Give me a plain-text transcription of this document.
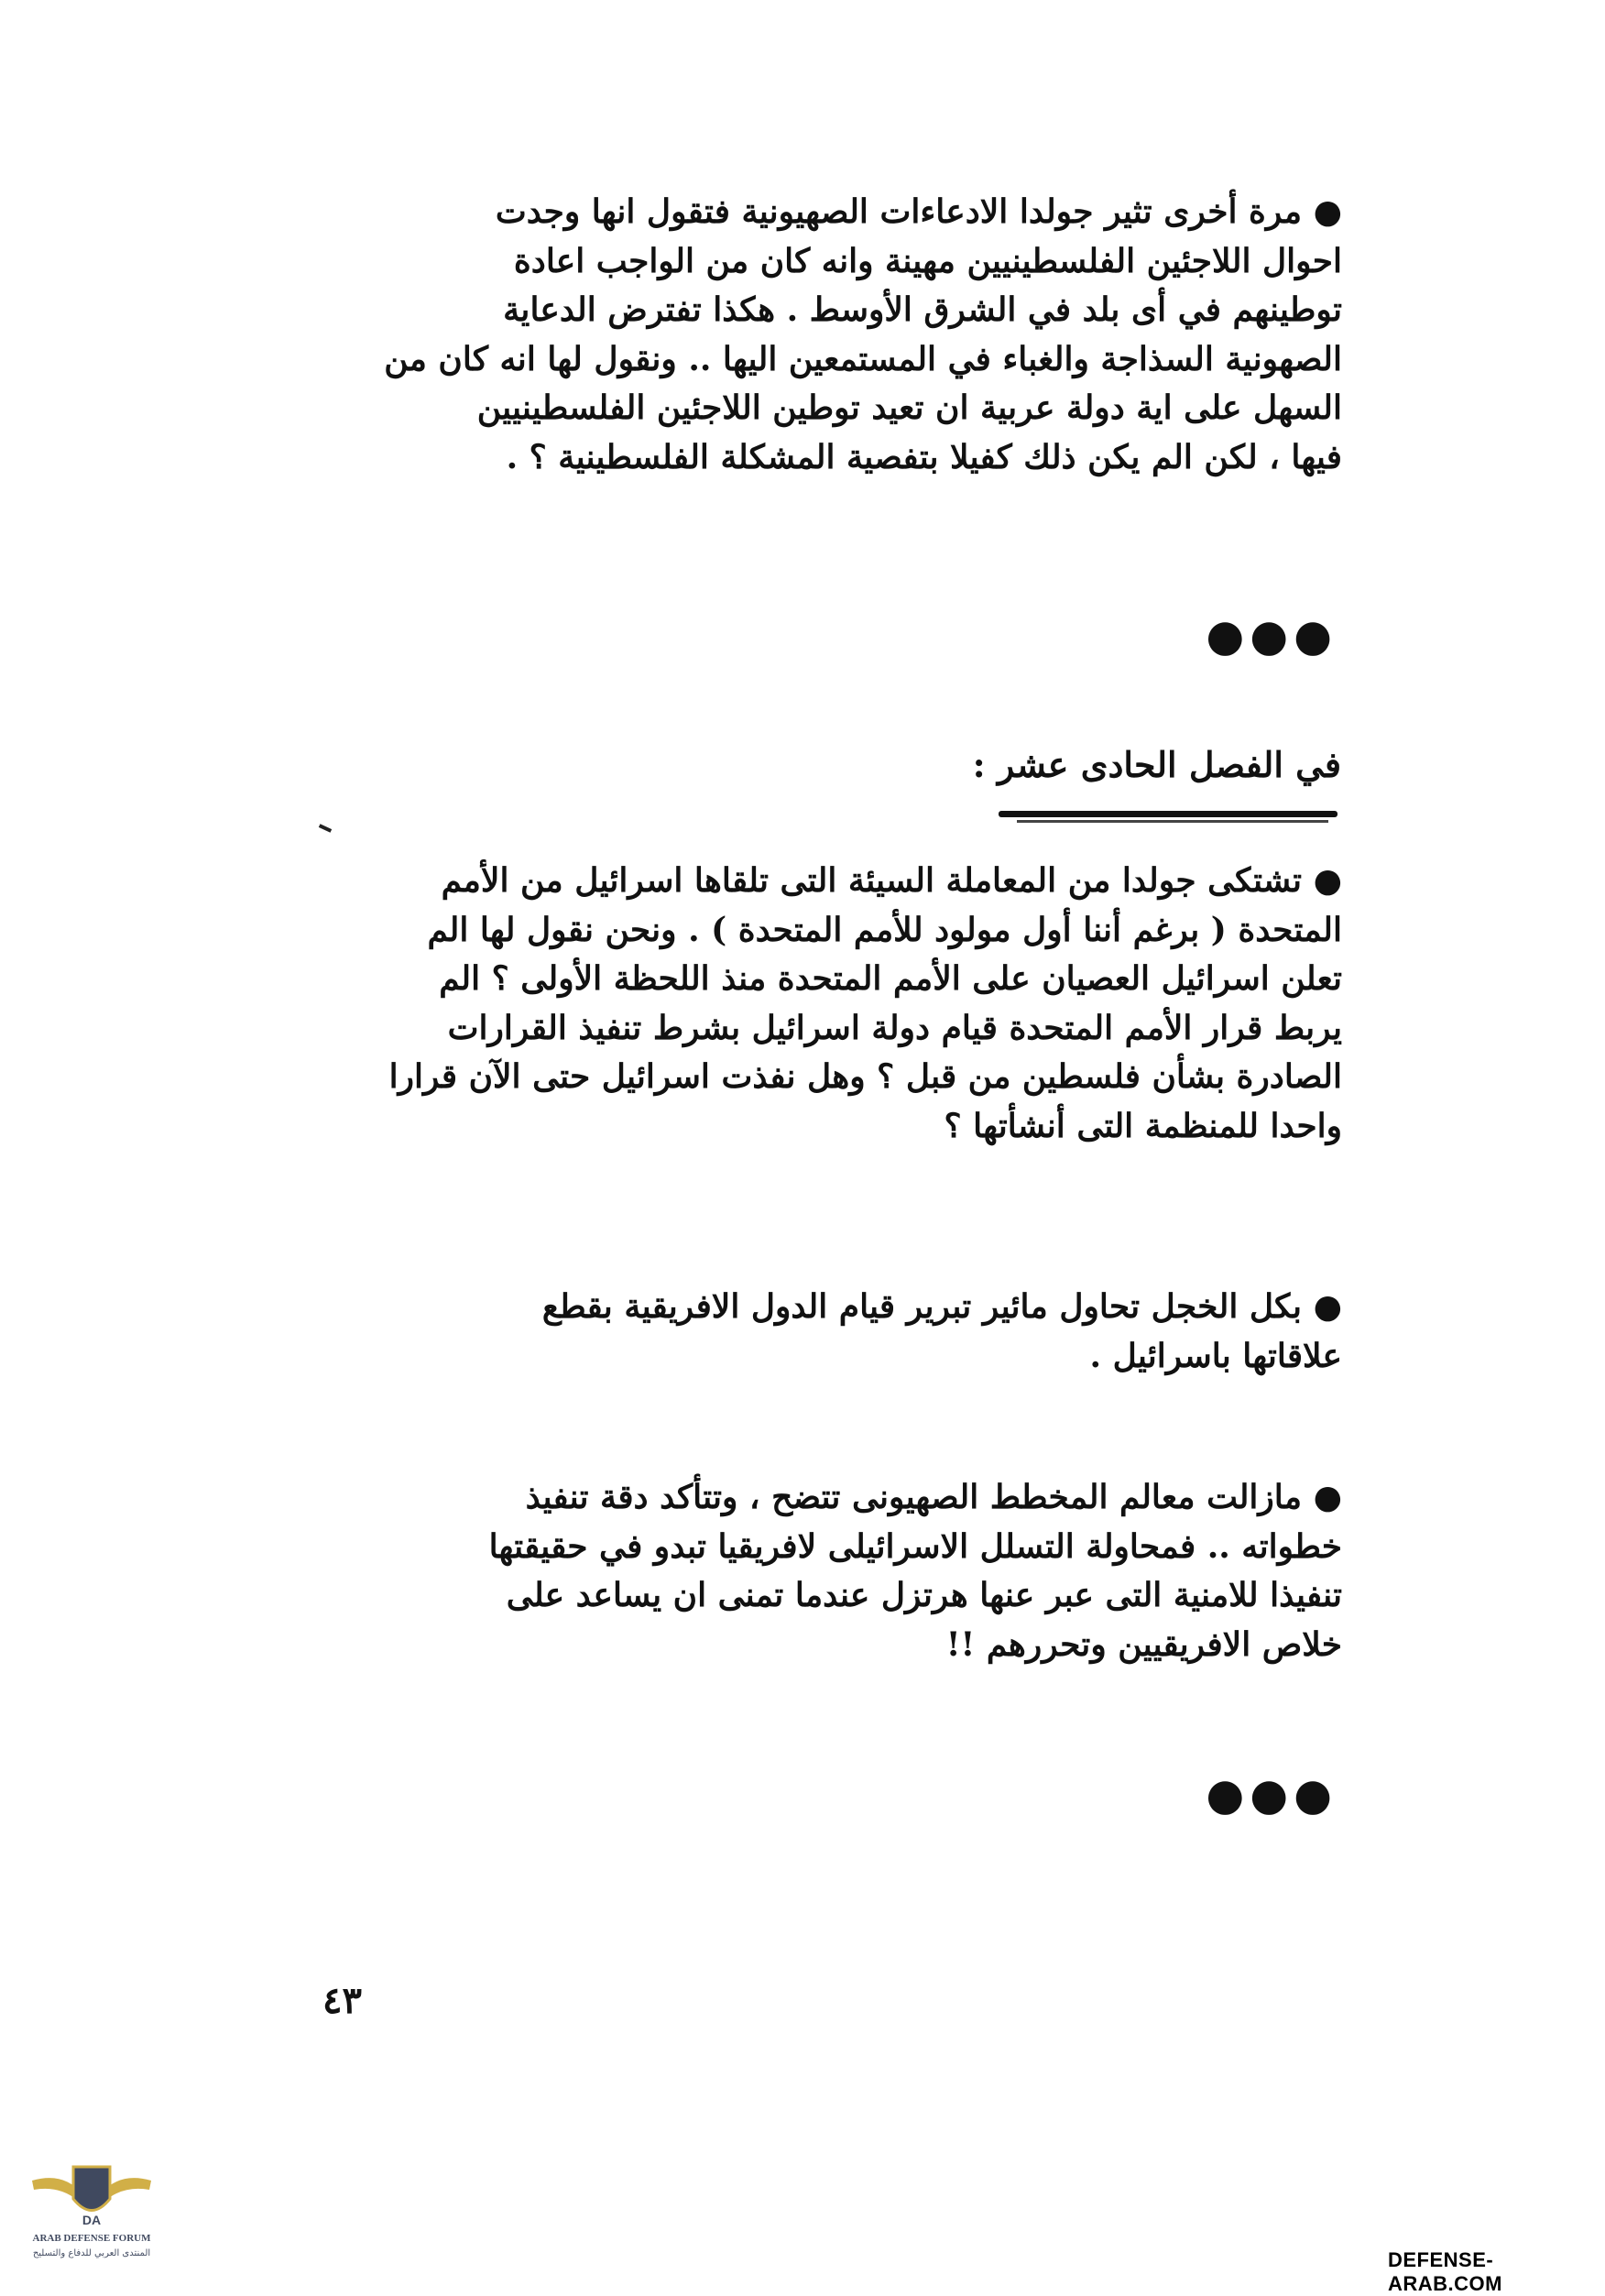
● مرة أخرى تثير جولدا الادعاءات الصهيونية فتقول انها وجدت
احوال اللاجئين الفلسطينيين مهينة وانه كان من الواجب اعادة
توطينهم في أى بلد في الشرق الأوسط . هكذا تفترض الدعاية
الصهونية السذاجة والغباء في المستمعين اليها .. ونقول لها انه كان من
السهل على اية دولة عربية ان تعيد توطين اللاجئين الفلسطينيين
فيها ، لكن الم يكن ذلك كفيلا بتفصية المشكلة الفلسطينية ؟ .
●●●
في الفصل الحادى عشر :
● تشتكى جولدا من المعاملة السيئة التى تلقاها اسرائيل من الأمم
المتحدة ( برغم أننا أول مولود للأمم المتحدة ) . ونحن نقول لها الم
تعلن اسرائيل العصيان على الأمم المتحدة منذ اللحظة الأولى ؟ الم
يربط قرار الأمم المتحدة قيام دولة اسرائيل بشرط تنفيذ القرارات
الصادرة بشأن فلسطين من قبل ؟ وهل نفذت اسرائيل حتى الآن قرارا
واحدا للمنظمة التى أنشأتها ؟
● بكل الخجل تحاول مائير تبرير قيام الدول الافريقية بقطع
علاقاتها باسرائيل .
● مازالت معالم المخطط الصهيونى تتضح ، وتتأكد دقة تنفيذ
خطواته .. فمحاولة التسلل الاسرائيلى لافريقيا تبدو في حقيقتها
تنفيذا للامنية التى عبر عنها هرتزل عندما تمنى ان يساعد على
خلاص الافريقيين وتحررهم !!
●●●
٤٣
DA
ARAB DEFENSE FORUM
المنتدى العربي للدفاع والتسليح	DEFENSE-ARAB.COM
